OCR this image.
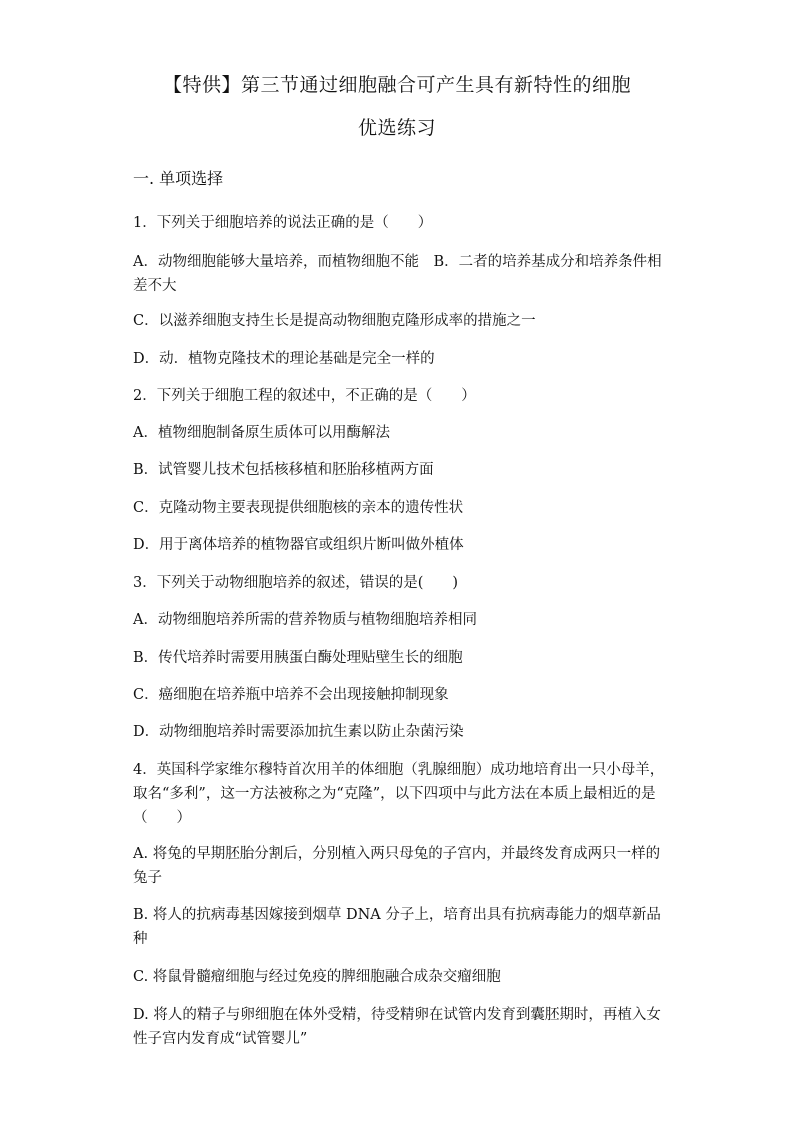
【特供】第三节通过细胞融合可产生具有新特性的细胞
优选练习
一. 单项选择
1．下列关于细胞培养的说法正确的是（　　）
A．动物细胞能够大量培养，而植物细胞不能　B．二者的培养基成分和培养条件相差不大
C．以滋养细胞支持生长是提高动物细胞克隆形成率的措施之一
D．动．植物克隆技术的理论基础是完全一样的
2．下列关于细胞工程的叙述中，不正确的是（　　）
A．植物细胞制备原生质体可以用酶解法
B．试管婴儿技术包括核移植和胚胎移植两方面
C．克隆动物主要表现提供细胞核的亲本的遗传性状
D．用于离体培养的植物器官或组织片断叫做外植体
3．下列关于动物细胞培养的叙述，错误的是(　　)
A．动物细胞培养所需的营养物质与植物细胞培养相同
B．传代培养时需要用胰蛋白酶处理贴壁生长的细胞
C．癌细胞在培养瓶中培养不会出现接触抑制现象
D．动物细胞培养时需要添加抗生素以防止杂菌污染
4．英国科学家维尔穆特首次用羊的体细胞（乳腺细胞）成功地培育出一只小母羊，取名“多利”，这一方法被称之为“克隆”，以下四项中与此方法在本质上最相近的是（　　）
A. 将兔的早期胚胎分割后，分别植入两只母兔的子宫内，并最终发育成两只一样的兔子
B. 将人的抗病毒基因嫁接到烟草 DNA 分子上，培育出具有抗病毒能力的烟草新品种
C. 将鼠骨髓瘤细胞与经过免疫的脾细胞融合成杂交瘤细胞
D. 将人的精子与卵细胞在体外受精，待受精卵在试管内发育到囊胚期时，再植入女性子宫内发育成“试管婴儿”
